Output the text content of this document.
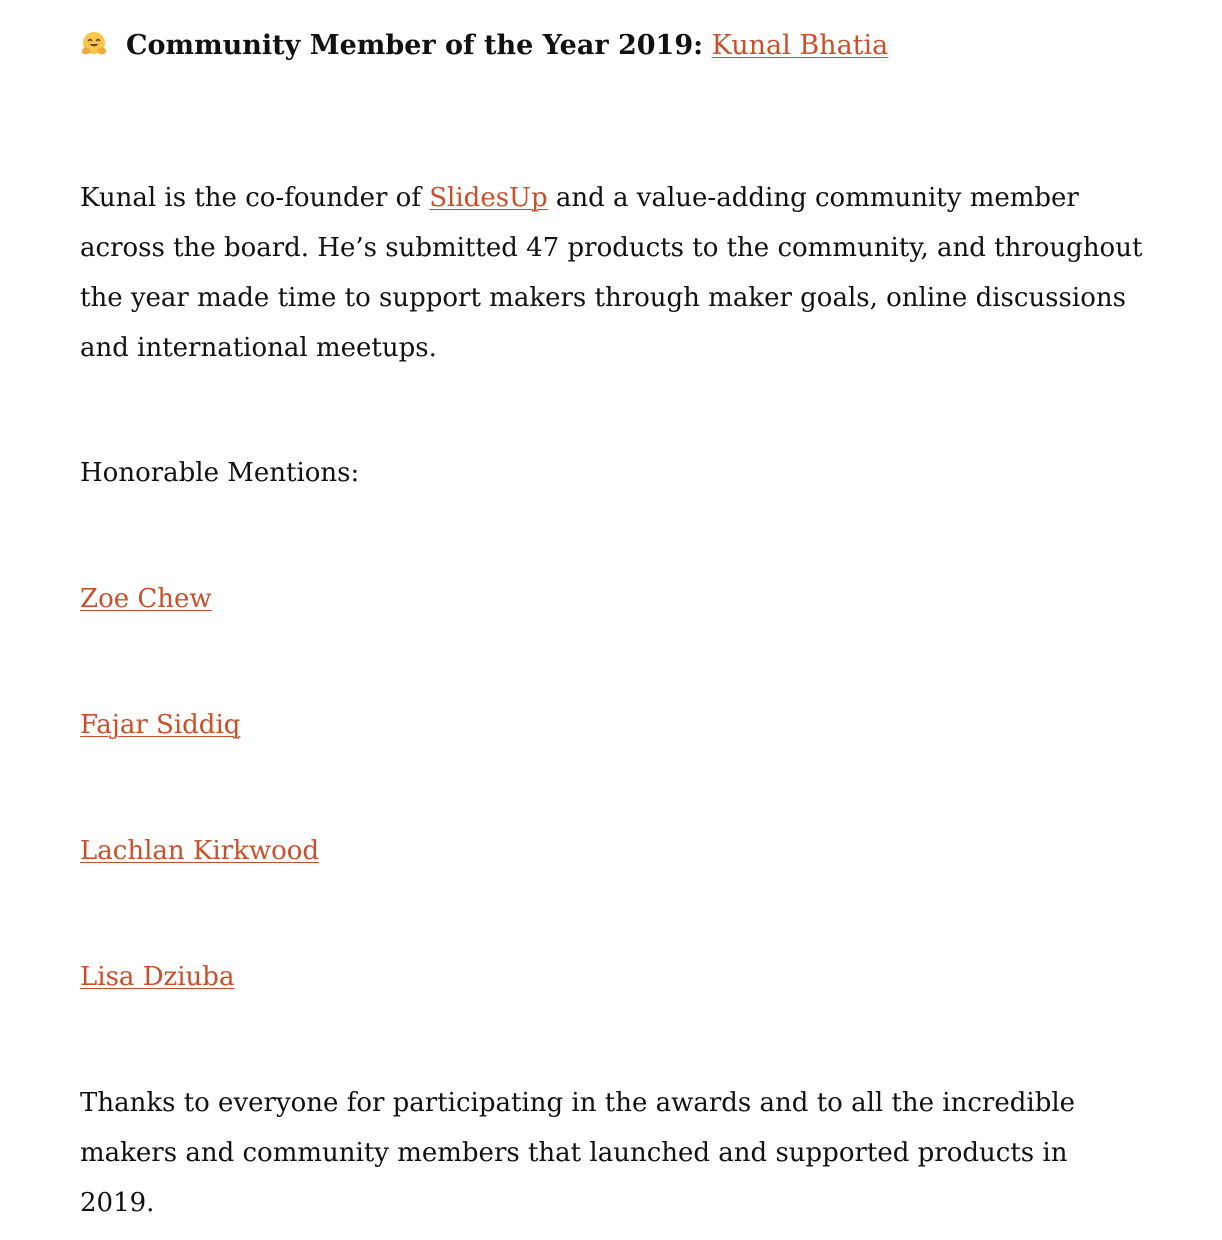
Community Member of the Year 2019: Kunal Bhatia

Kunal is the co-founder of SlidesUp and a value-adding community member across the board. He’s submitted 47 products to the community, and throughout the year made time to support makers through maker goals, online discussions and international meetups.

Honorable Mentions:

Zoe Chew

Fajar Siddiq

Lachlan Kirkwood

Lisa Dziuba

Thanks to everyone for participating in the awards and to all the incredible makers and community members that launched and supported products in 2019.
